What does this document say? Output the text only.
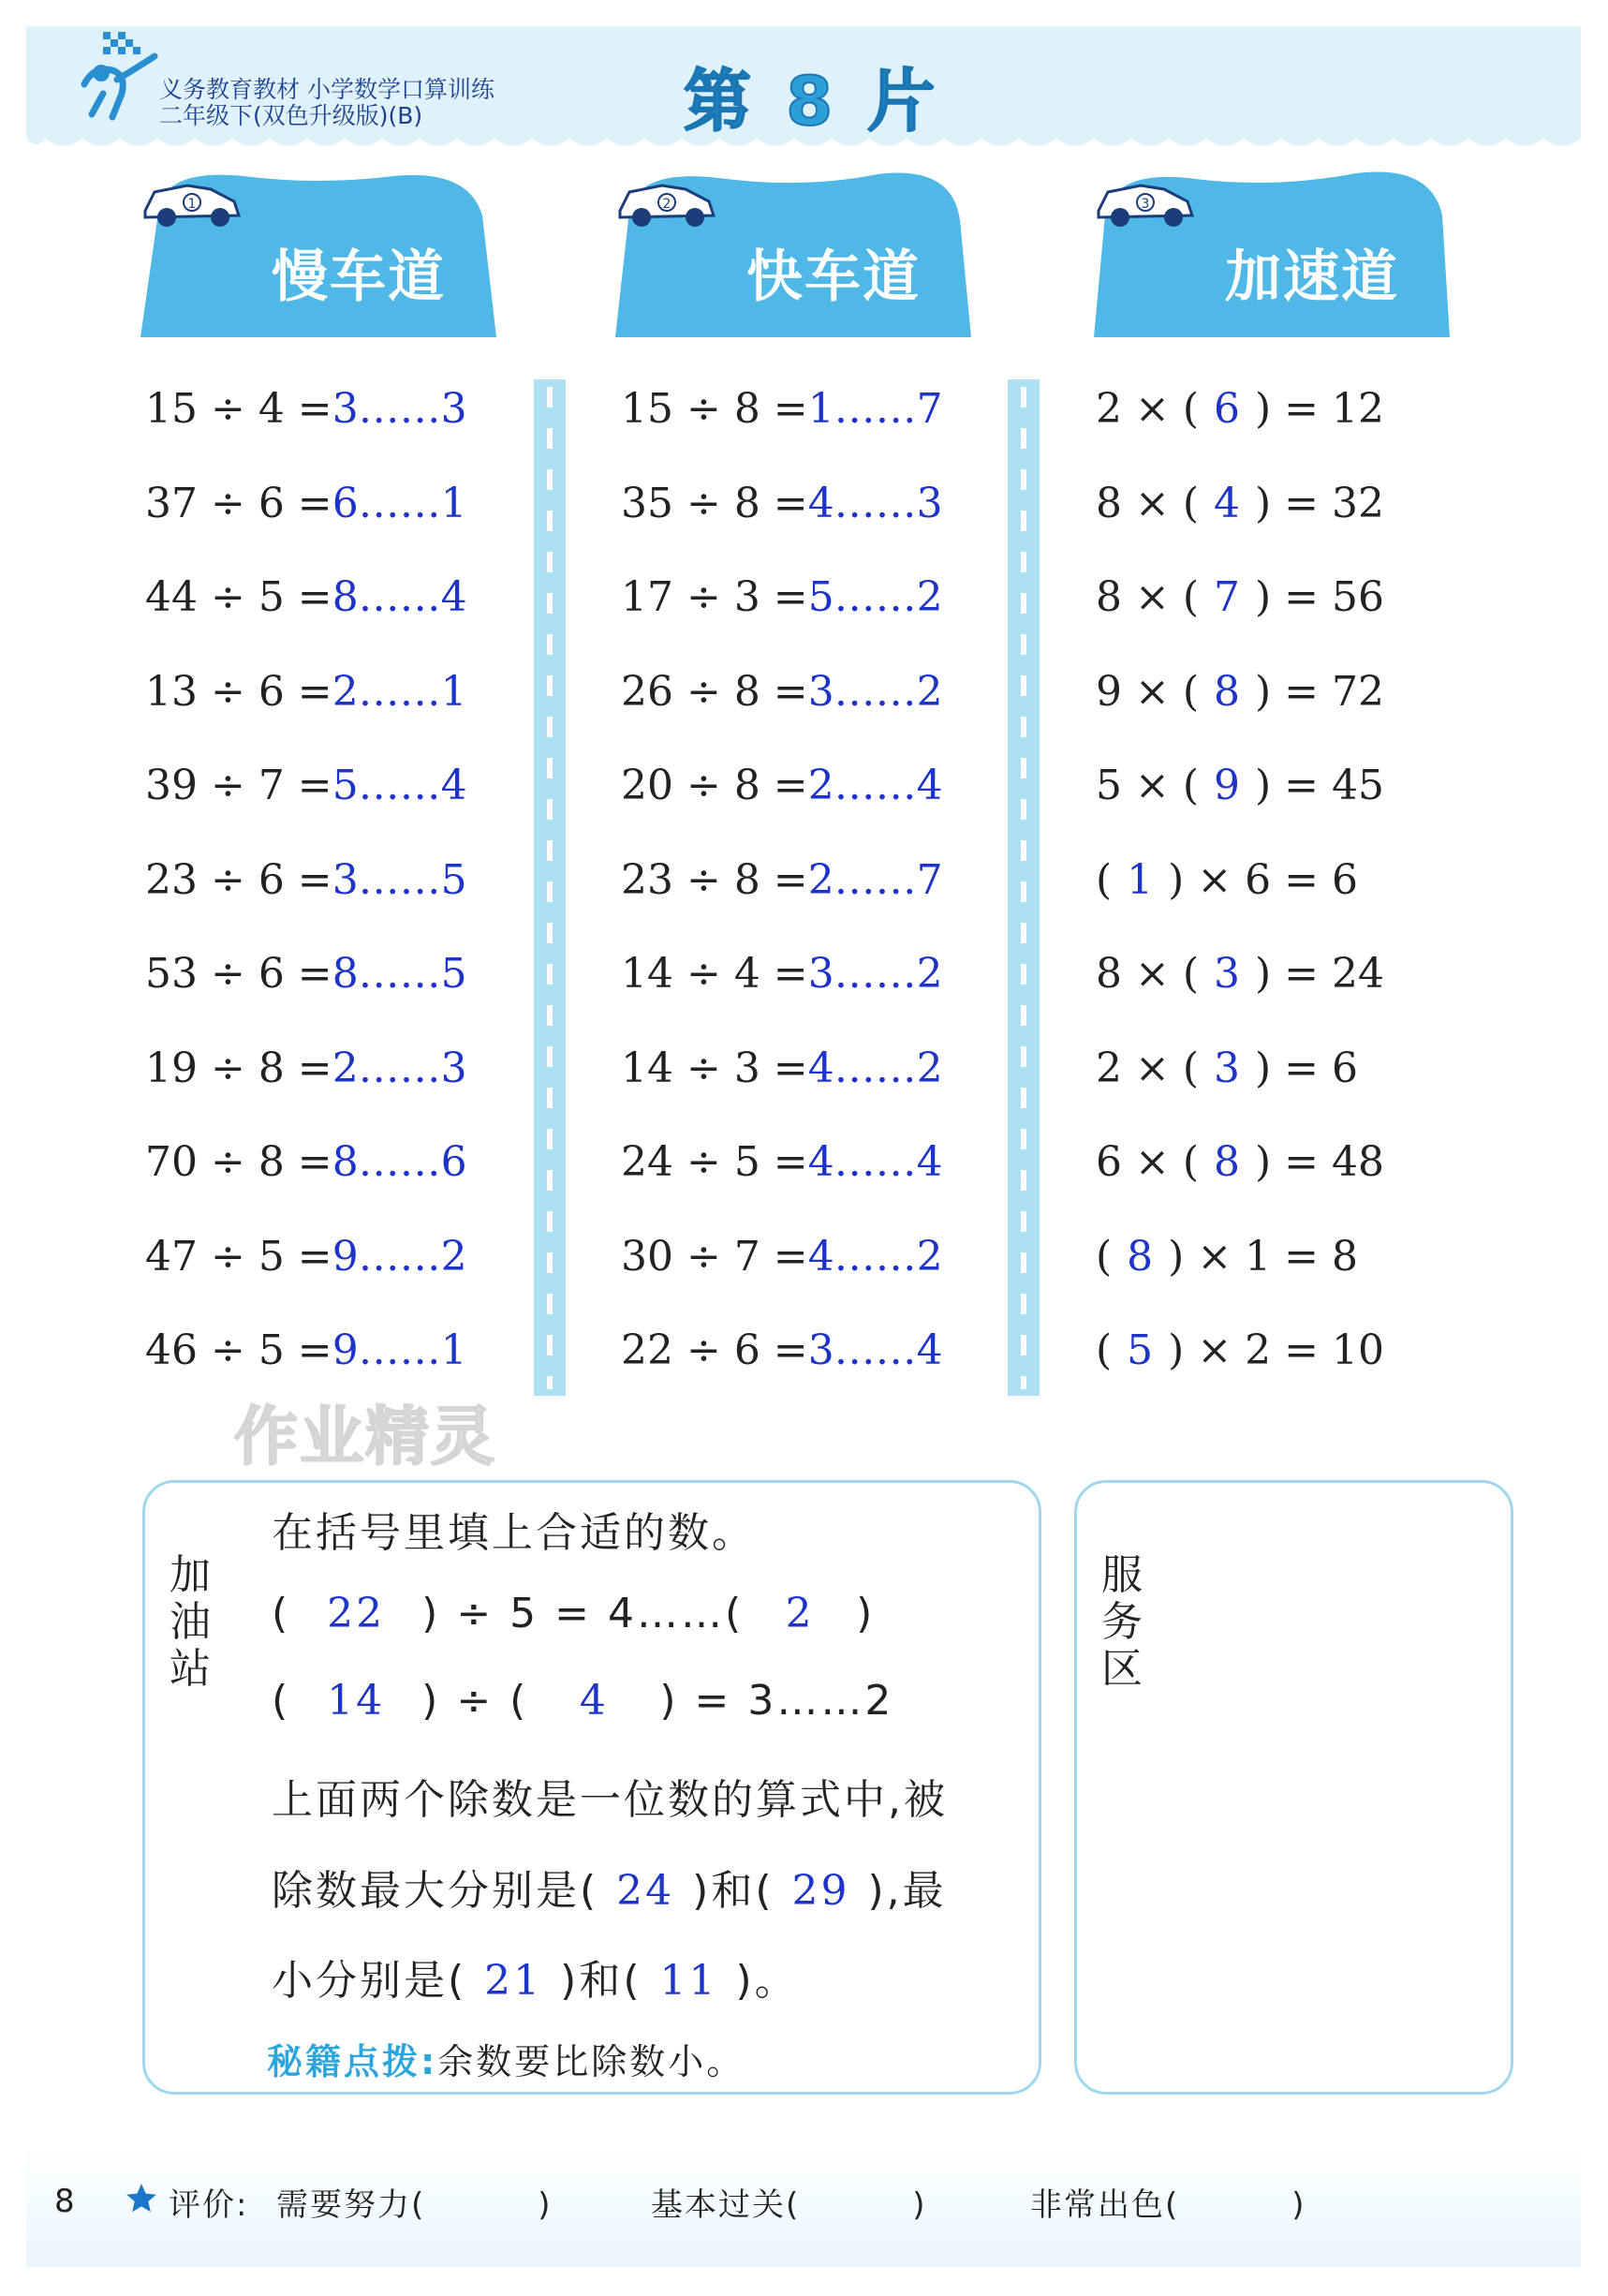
义务教育教材 小学数学口算训练
二年级下(双色升级版)(B)	第 8 片
1
慢车道
2
快车道
3
加速道
15 ÷ 4 =3……3
37 ÷ 6 =6……1
44 ÷ 5 =8……4
13 ÷ 6 =2……1
39 ÷ 7 =5……4
23 ÷ 6 =3……5
53 ÷ 6 =8……5
19 ÷ 8 =2……3
70 ÷ 8 =8……6
47 ÷ 5 =9……2
46 ÷ 5 =9……1
15 ÷ 8 =1……7
35 ÷ 8 =4……3
17 ÷ 3 =5……2
26 ÷ 8 =3……2
20 ÷ 8 =2……4
23 ÷ 8 =2……7
14 ÷ 4 =3……2
14 ÷ 3 =4……2
24 ÷ 5 =4……4
30 ÷ 7 =4……2
22 ÷ 6 =3……4
2 × ( 6 ) = 12
8 × ( 4 ) = 32
8 × ( 7 ) = 56
9 × ( 8 ) = 72
5 × ( 9 ) = 45
( 1 ) × 6 = 6
8 × ( 3 ) = 24
2 × ( 3 ) = 6
6 × ( 8 ) = 48
( 8 ) × 1 = 8
( 5 ) × 2 = 10
作业精灵
加油站
在括号里填上合适的数。
( 22 ) ÷ 5 = 4……( 2 )
( 14 ) ÷ ( 4 ) = 3……2
上面两个除数是一位数的算式中,被
除数最大分别是( 24 )和( 29 ),最
小分别是( 21 )和( 11 )。
秘籍点拨:余数要比除数小。
服务区
8	评价: 需要努力(	)	基本过关(	)	非常出色(	)
